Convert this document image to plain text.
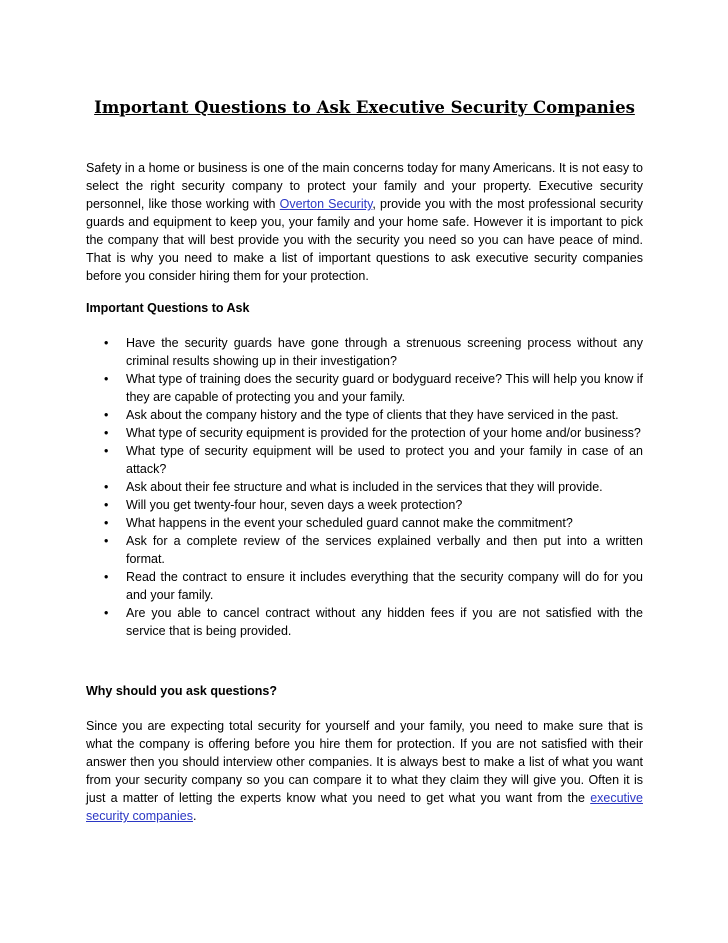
Important Questions to Ask Executive Security Companies

Safety in a home or business is one of the main concerns today for many Americans. It is not easy to select the right security company to protect your family and your property. Executive security personnel, like those working with Overton Security, provide you with the most professional security guards and equipment to keep you, your family and your home safe. However it is important to pick the company that will best provide you with the security you need so you can have peace of mind. That is why you need to make a list of important questions to ask executive security companies before you consider hiring them for your protection.

Important Questions to Ask

• Have the security guards have gone through a strenuous screening process without any criminal results showing up in their investigation?
• What type of training does the security guard or bodyguard receive? This will help you know if they are capable of protecting you and your family.
• Ask about the company history and the type of clients that they have serviced in the past.
• What type of security equipment is provided for the protection of your home and/or business?
• What type of security equipment will be used to protect you and your family in case of an attack?
• Ask about their fee structure and what is included in the services that they will provide.
• Will you get twenty-four hour, seven days a week protection?
• What happens in the event your scheduled guard cannot make the commitment?
• Ask for a complete review of the services explained verbally and then put into a written format.
• Read the contract to ensure it includes everything that the security company will do for you and your family.
• Are you able to cancel contract without any hidden fees if you are not satisfied with the service that is being provided.

Why should you ask questions?

Since you are expecting total security for yourself and your family, you need to make sure that is what the company is offering before you hire them for protection. If you are not satisfied with their answer then you should interview other companies. It is always best to make a list of what you want from your security company so you can compare it to what they claim they will give you. Often it is just a matter of letting the experts know what you need to get what you want from the executive security companies.
